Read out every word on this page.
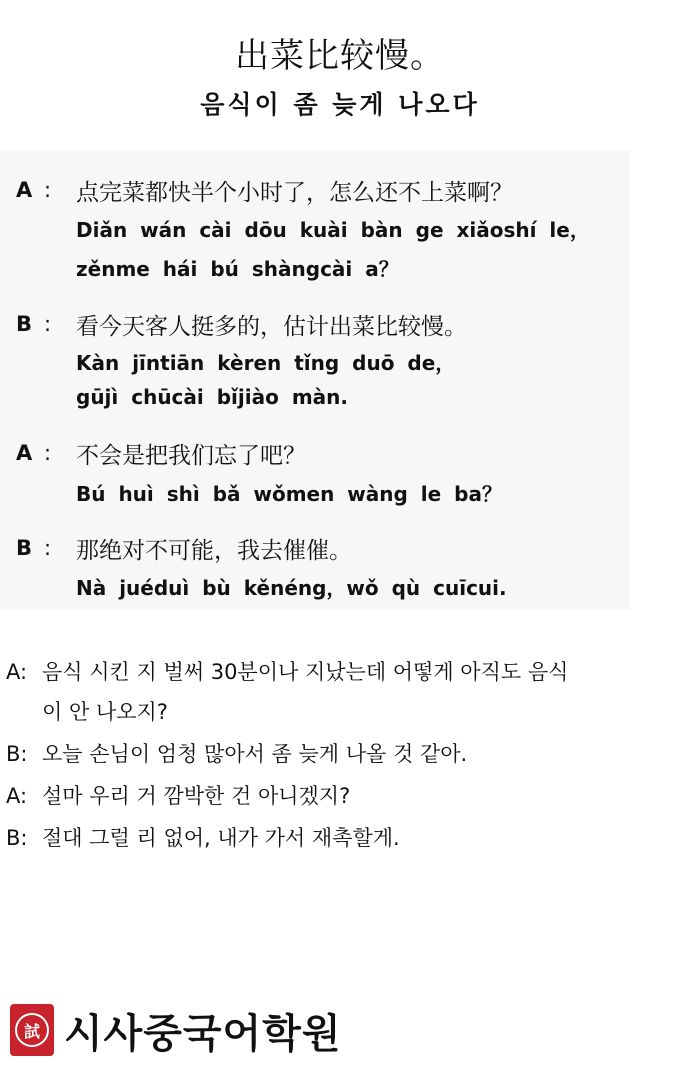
出菜比较慢。
음식이 좀 늦게 나오다
A : 点完菜都快半个小时了，怎么还不上菜啊？
Diǎn wán cài dōu kuài bàn ge xiǎoshí le，
zěnme hái bú shàngcài a？
B : 看今天客人挺多的，估计出菜比较慢。
Kàn jīntiān kèren tǐng duō de，
gūjì chūcài bǐjiào màn.
A : 不会是把我们忘了吧？
Bú huì shì bǎ wǒmen wàng le ba？
B : 那绝对不可能，我去催催。
Nà juéduì bù kěnéng，wǒ qù cuīcui.
A: 음식 시킨 지 벌써 30분이나 지났는데 어떻게 아직도 음식
이 안 나오지?
B: 오늘 손님이 엄청 많아서 좀 늦게 나올 것 같아.
A: 설마 우리 거 깜박한 건 아니겠지?
B: 절대 그럴 리 없어, 내가 가서 재촉할게.
試 시사중국어학원
